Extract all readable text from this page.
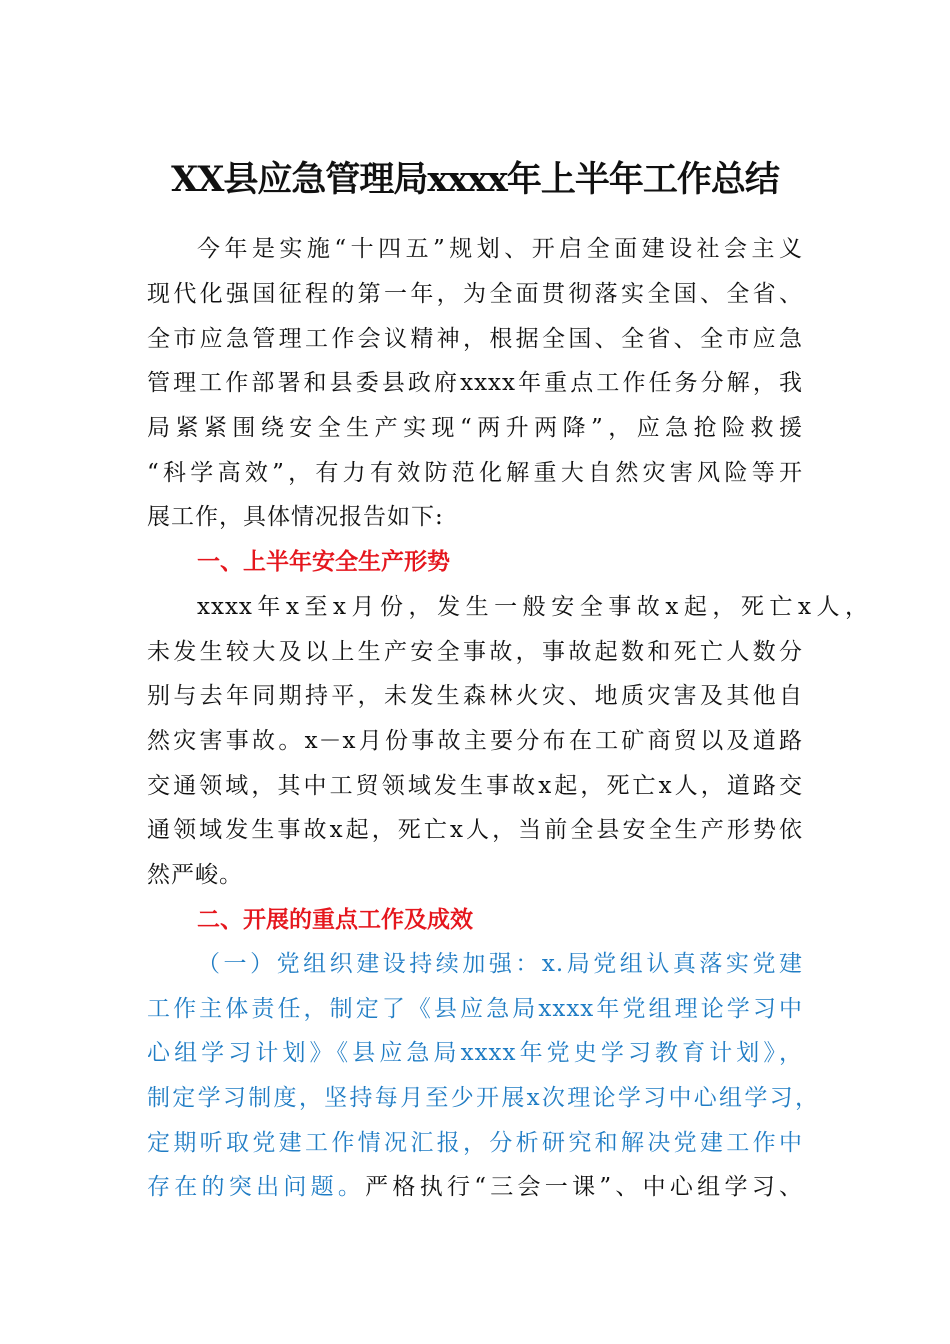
XX县应急管理局xxxx年上半年工作总结
今年是实施“十四五”规划、开启全面建设社会主义
现代化强国征程的第一年，为全面贯彻落实全国、全省、
全市应急管理工作会议精神，根据全国、全省、全市应急
管理工作部署和县委县政府xxxx年重点工作任务分解，我
局紧紧围绕安全生产实现“两升两降”，应急抢险救援
“科学高效”，有力有效防范化解重大自然灾害风险等开
展工作，具体情况报告如下:
一、上半年安全生产形势
xxxx年x至x月份，发生一般安全事故x起，死亡x人，
未发生较大及以上生产安全事故，事故起数和死亡人数分
别与去年同期持平，未发生森林火灾、地质灾害及其他自
然灾害事故。x－x月份事故主要分布在工矿商贸以及道路
交通领域，其中工贸领域发生事故x起，死亡x人，道路交
通领域发生事故x起，死亡x人，当前全县安全生产形势依
然严峻。
二、开展的重点工作及成效
（一）党组织建设持续加强：x.局党组认真落实党建
工作主体责任，制定了《县应急局xxxx年党组理论学习中
心组学习计划》《县应急局xxxx年党史学习教育计划》，
制定学习制度，坚持每月至少开展x次理论学习中心组学习，
定期听取党建工作情况汇报，分析研究和解决党建工作中
存在的突出问题。严格执行“三会一课”、中心组学习、
